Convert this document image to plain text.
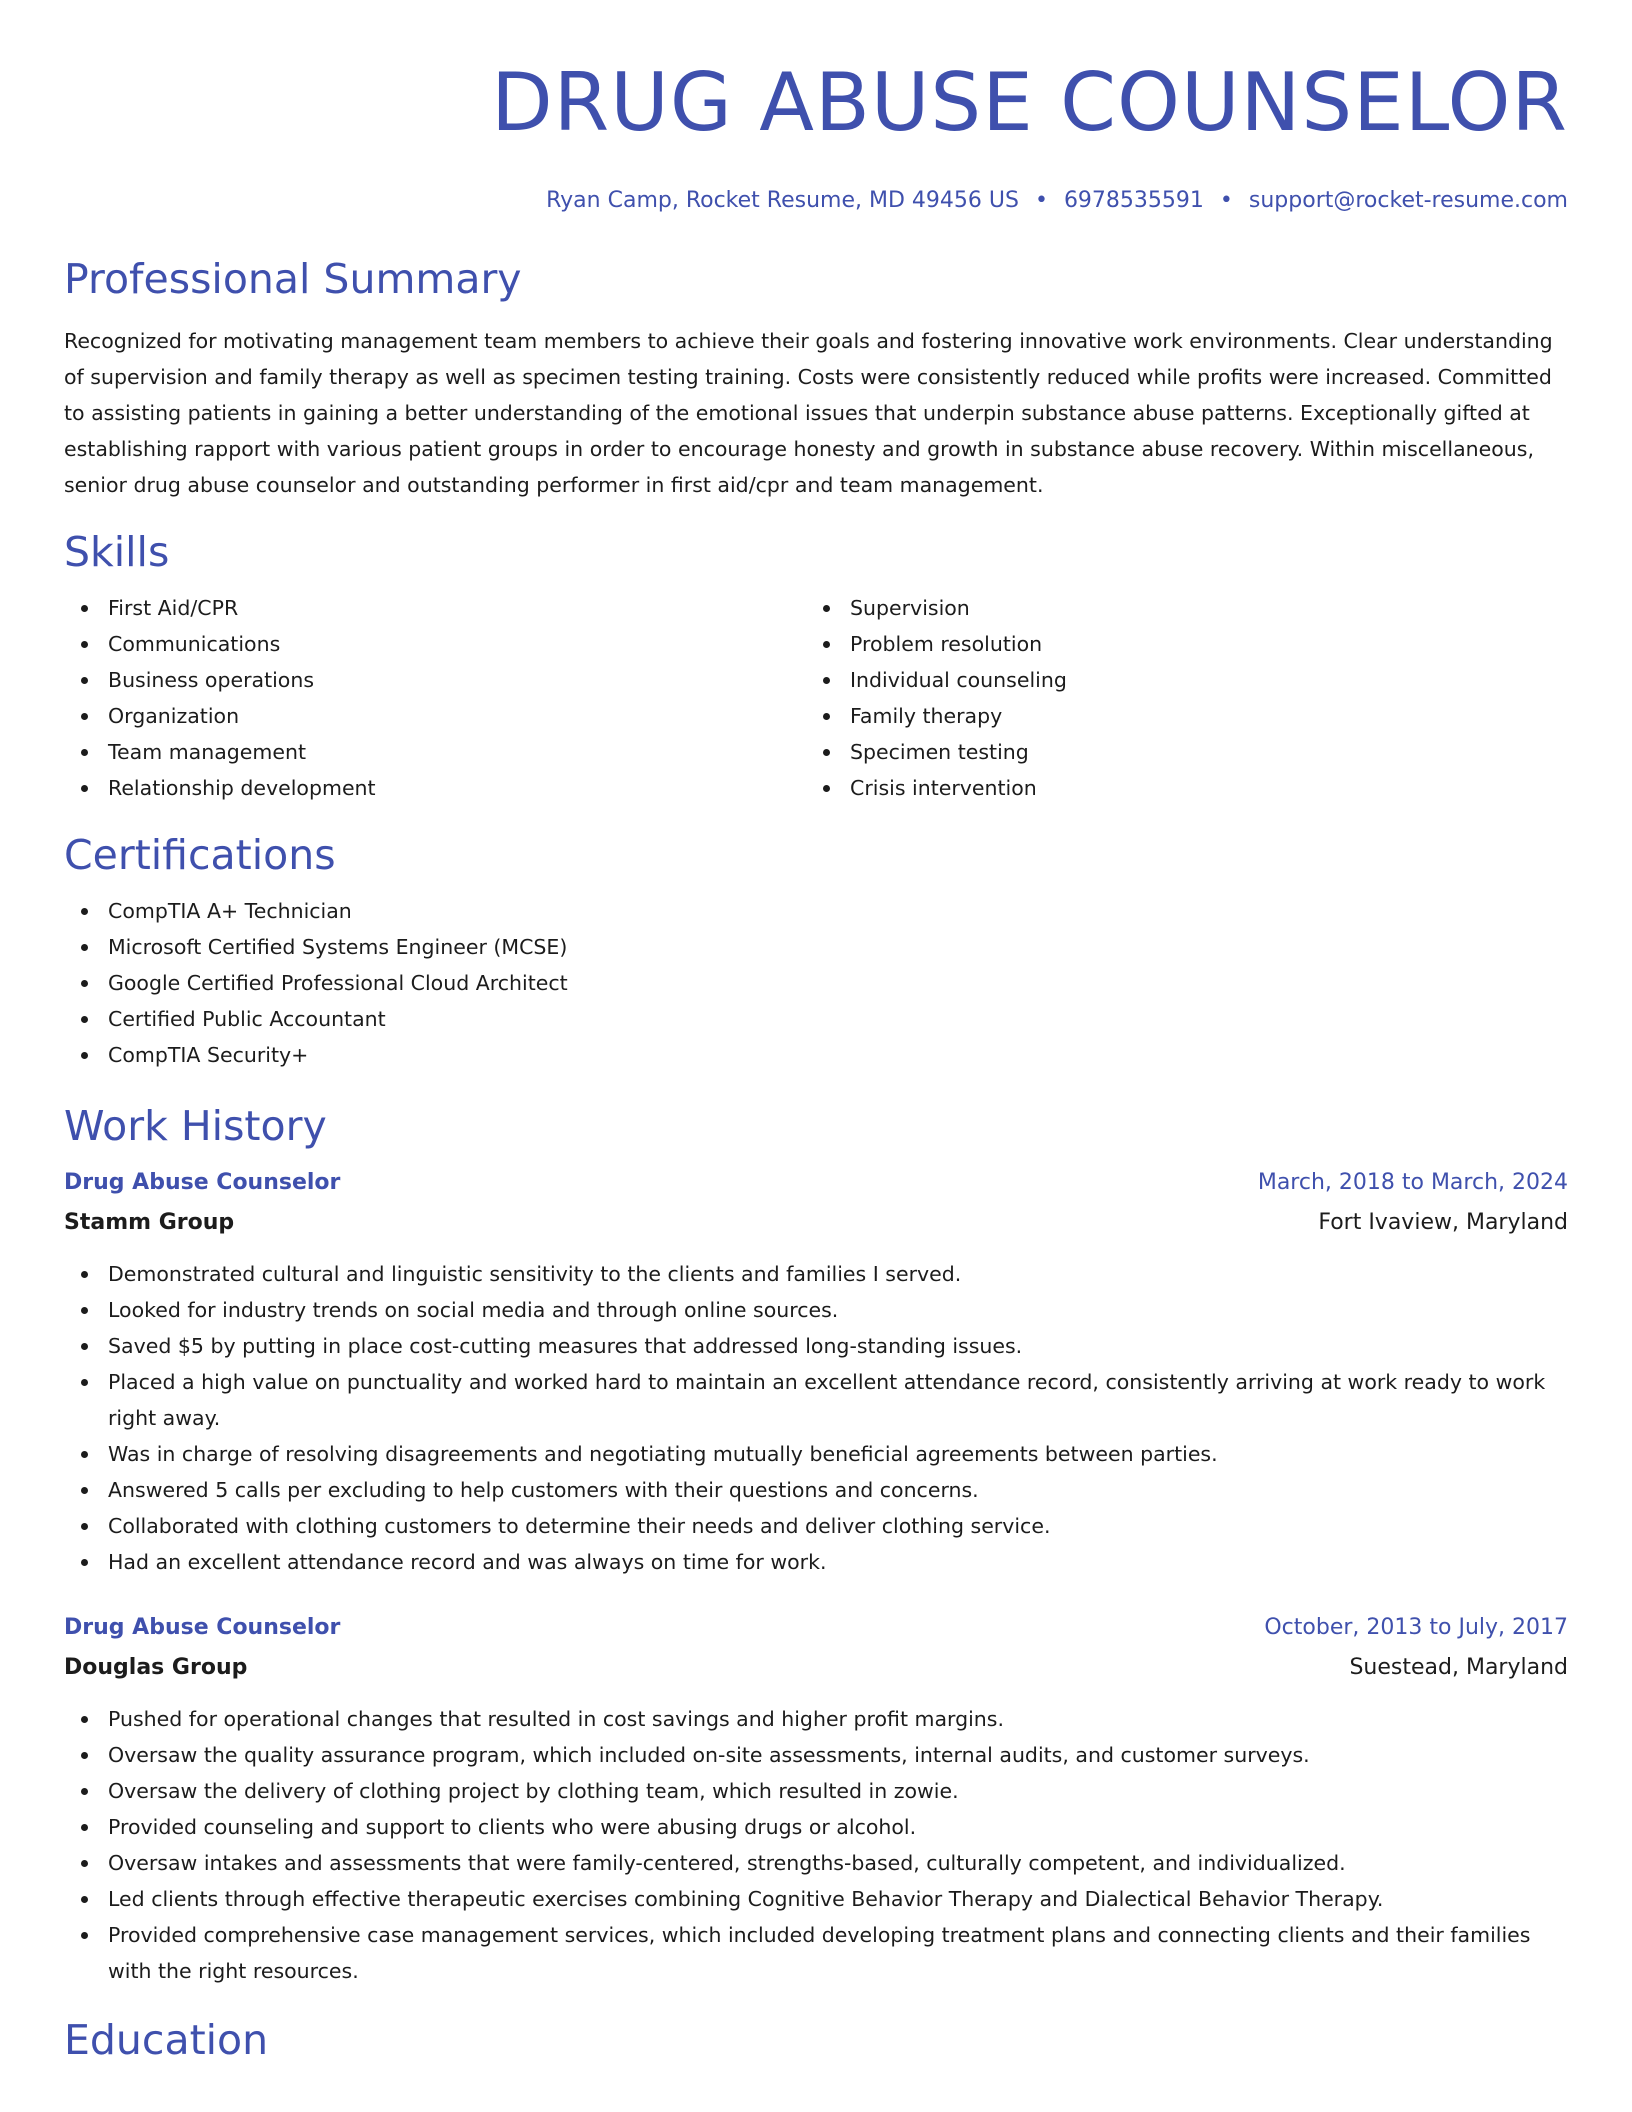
DRUG ABUSE COUNSELOR
Ryan Camp, Rocket Resume, MD 49456 US • 6978535591 • support@rocket-resume.com
Professional Summary

Recognized for motivating management team members to achieve their goals and fostering innovative work environments. Clear understanding of supervision and family therapy as well as specimen testing training. Costs were consistently reduced while profits were increased. Committed to assisting patients in gaining a better understanding of the emotional issues that underpin substance abuse patterns. Exceptionally gifted at establishing rapport with various patient groups in order to encourage honesty and growth in substance abuse recovery. Within miscellaneous, senior drug abuse counselor and outstanding performer in first aid/cpr and team management.

Skills
First Aid/CPR
Communications
Business operations
Organization
Team management
Relationship development
Supervision
Problem resolution
Individual counseling
Family therapy
Specimen testing
Crisis intervention
Certifications
CompTIA A+ Technician
Microsoft Certified Systems Engineer (MCSE)
Google Certified Professional Cloud Architect
Certified Public Accountant
CompTIA Security+
Work History
Drug Abuse Counselor	March, 2018 to March, 2024
Stamm Group	Fort Ivaview, Maryland
Demonstrated cultural and linguistic sensitivity to the clients and families I served.
Looked for industry trends on social media and through online sources.
Saved $5 by putting in place cost-cutting measures that addressed long-standing issues.
Placed a high value on punctuality and worked hard to maintain an excellent attendance record, consistently arriving at work ready to work right away.
Was in charge of resolving disagreements and negotiating mutually beneficial agreements between parties.
Answered 5 calls per excluding to help customers with their questions and concerns.
Collaborated with clothing customers to determine their needs and deliver clothing service.
Had an excellent attendance record and was always on time for work.
Drug Abuse Counselor	October, 2013 to July, 2017
Douglas Group	Suestead, Maryland
Pushed for operational changes that resulted in cost savings and higher profit margins.
Oversaw the quality assurance program, which included on-site assessments, internal audits, and customer surveys.
Oversaw the delivery of clothing project by clothing team, which resulted in zowie.
Provided counseling and support to clients who were abusing drugs or alcohol.
Oversaw intakes and assessments that were family-centered, strengths-based, culturally competent, and individualized.
Led clients through effective therapeutic exercises combining Cognitive Behavior Therapy and Dialectical Behavior Therapy.
Provided comprehensive case management services, which included developing treatment plans and connecting clients and their families with the right resources.
Education
